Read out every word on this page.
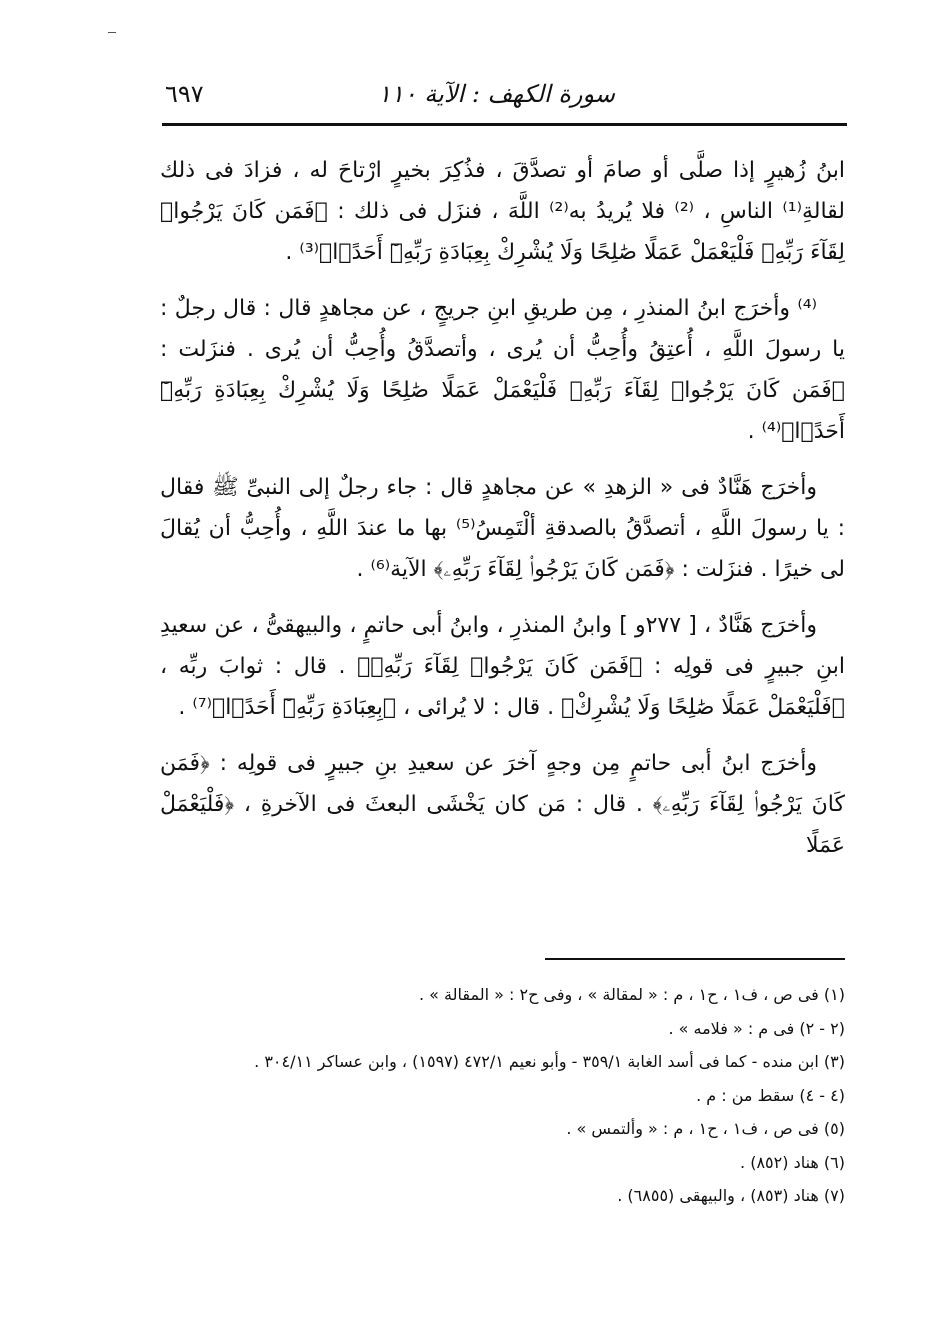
سورة الكهف : الآية ١١٠
٦٩٧

ابنُ زُهيرٍ إذا صلَّى أو صامَ أو تصدَّقَ ، فذُكِرَ بخيرٍ ارْتاحَ له ، فزادَ فى ذلك لقالةِ⁽¹⁾ الناسِ ، ⁽²⁾ فلا يُريدُ به⁽²⁾ اللَّهَ ، فنزَل فى ذلك : ﴿فَمَن كَانَ يَرْجُوا۟ لِقَآءَ رَبِّهِۦ فَلْيَعْمَلْ عَمَلًا صَٰلِحًا وَلَا يُشْرِكْ بِعِبَادَةِ رَبِّهِۦٓ أَحَدًۢا﴾⁽³⁾ .

⁽⁴⁾ وأخرَج ابنُ المنذرِ ، مِن طريقِ ابنِ جريجٍ ، عن مجاهدٍ قال : قال رجلٌ : يا رسولَ اللَّهِ ، أُعتِقُ وأُحِبُّ أن يُرى ، وأتصدَّقُ وأُحِبُّ أن يُرى . فنزَلت : ﴿فَمَن كَانَ يَرْجُوا۟ لِقَآءَ رَبِّهِۦ فَلْيَعْمَلْ عَمَلًا صَٰلِحًا وَلَا يُشْرِكْ بِعِبَادَةِ رَبِّهِۦٓ أَحَدًۢا﴾⁽⁴⁾ .

وأخرَج هَنَّادٌ فى « الزهدِ » عن مجاهدٍ قال : جاء رجلٌ إلى النبىِّ ﷺ فقال : يا رسولَ اللَّهِ ، أتصدَّقُ بالصدقةِ ألْتَمِسُ⁽⁵⁾ بها ما عندَ اللَّهِ ، وأُحِبُّ أن يُقالَ لى خيرًا . فنزَلت : ﴿فَمَن كَانَ يَرْجُوا۟ لِقَآءَ رَبِّهِۦ﴾ الآية⁽⁶⁾ .

وأخرَج هَنَّادٌ ، [ ٢٧٧و ] وابنُ المنذرِ ، وابنُ أبى حاتمٍ ، والبيهقىُّ ، عن سعيدِ ابنِ جبيرٍ فى قولِه : ﴿فَمَن كَانَ يَرْجُوا۟ لِقَآءَ رَبِّهِۦ﴾ . قال : ثوابَ ربِّه ، ﴿فَلْيَعْمَلْ عَمَلًا صَٰلِحًا وَلَا يُشْرِكْ﴾ . قال : لا يُرائى ، ﴿بِعِبَادَةِ رَبِّهِۦٓ أَحَدًۢا﴾⁽⁷⁾ .

وأخرَج ابنُ أبى حاتمٍ مِن وجهٍ آخرَ عن سعيدِ بنِ جبيرٍ فى قولِه : ﴿فَمَن كَانَ يَرْجُوا۟ لِقَآءَ رَبِّهِۦ﴾ . قال : مَن كان يَخْشَى البعثَ فى الآخرةِ ، ﴿فَلْيَعْمَلْ عَمَلًا

(١) فى ص ، ف١ ، ح١ ، م : « لمقالة » ، وفى ح٢ : « المقالة » .
(٢ - ٢) فى م : « فلامه » .
(٣) ابن منده - كما فى أسد الغابة ٣٥٩/١ - وأبو نعيم ٤٧٢/١ (١٥٩٧) ، وابن عساكر ٣٠٤/١١ .
(٤ - ٤) سقط من : م .
(٥) فى ص ، ف١ ، ح١ ، م : « وألتمس » .
(٦) هناد (٨٥٢) .
(٧) هناد (٨٥٣) ، والبيهقى (٦٨٥٥) .
